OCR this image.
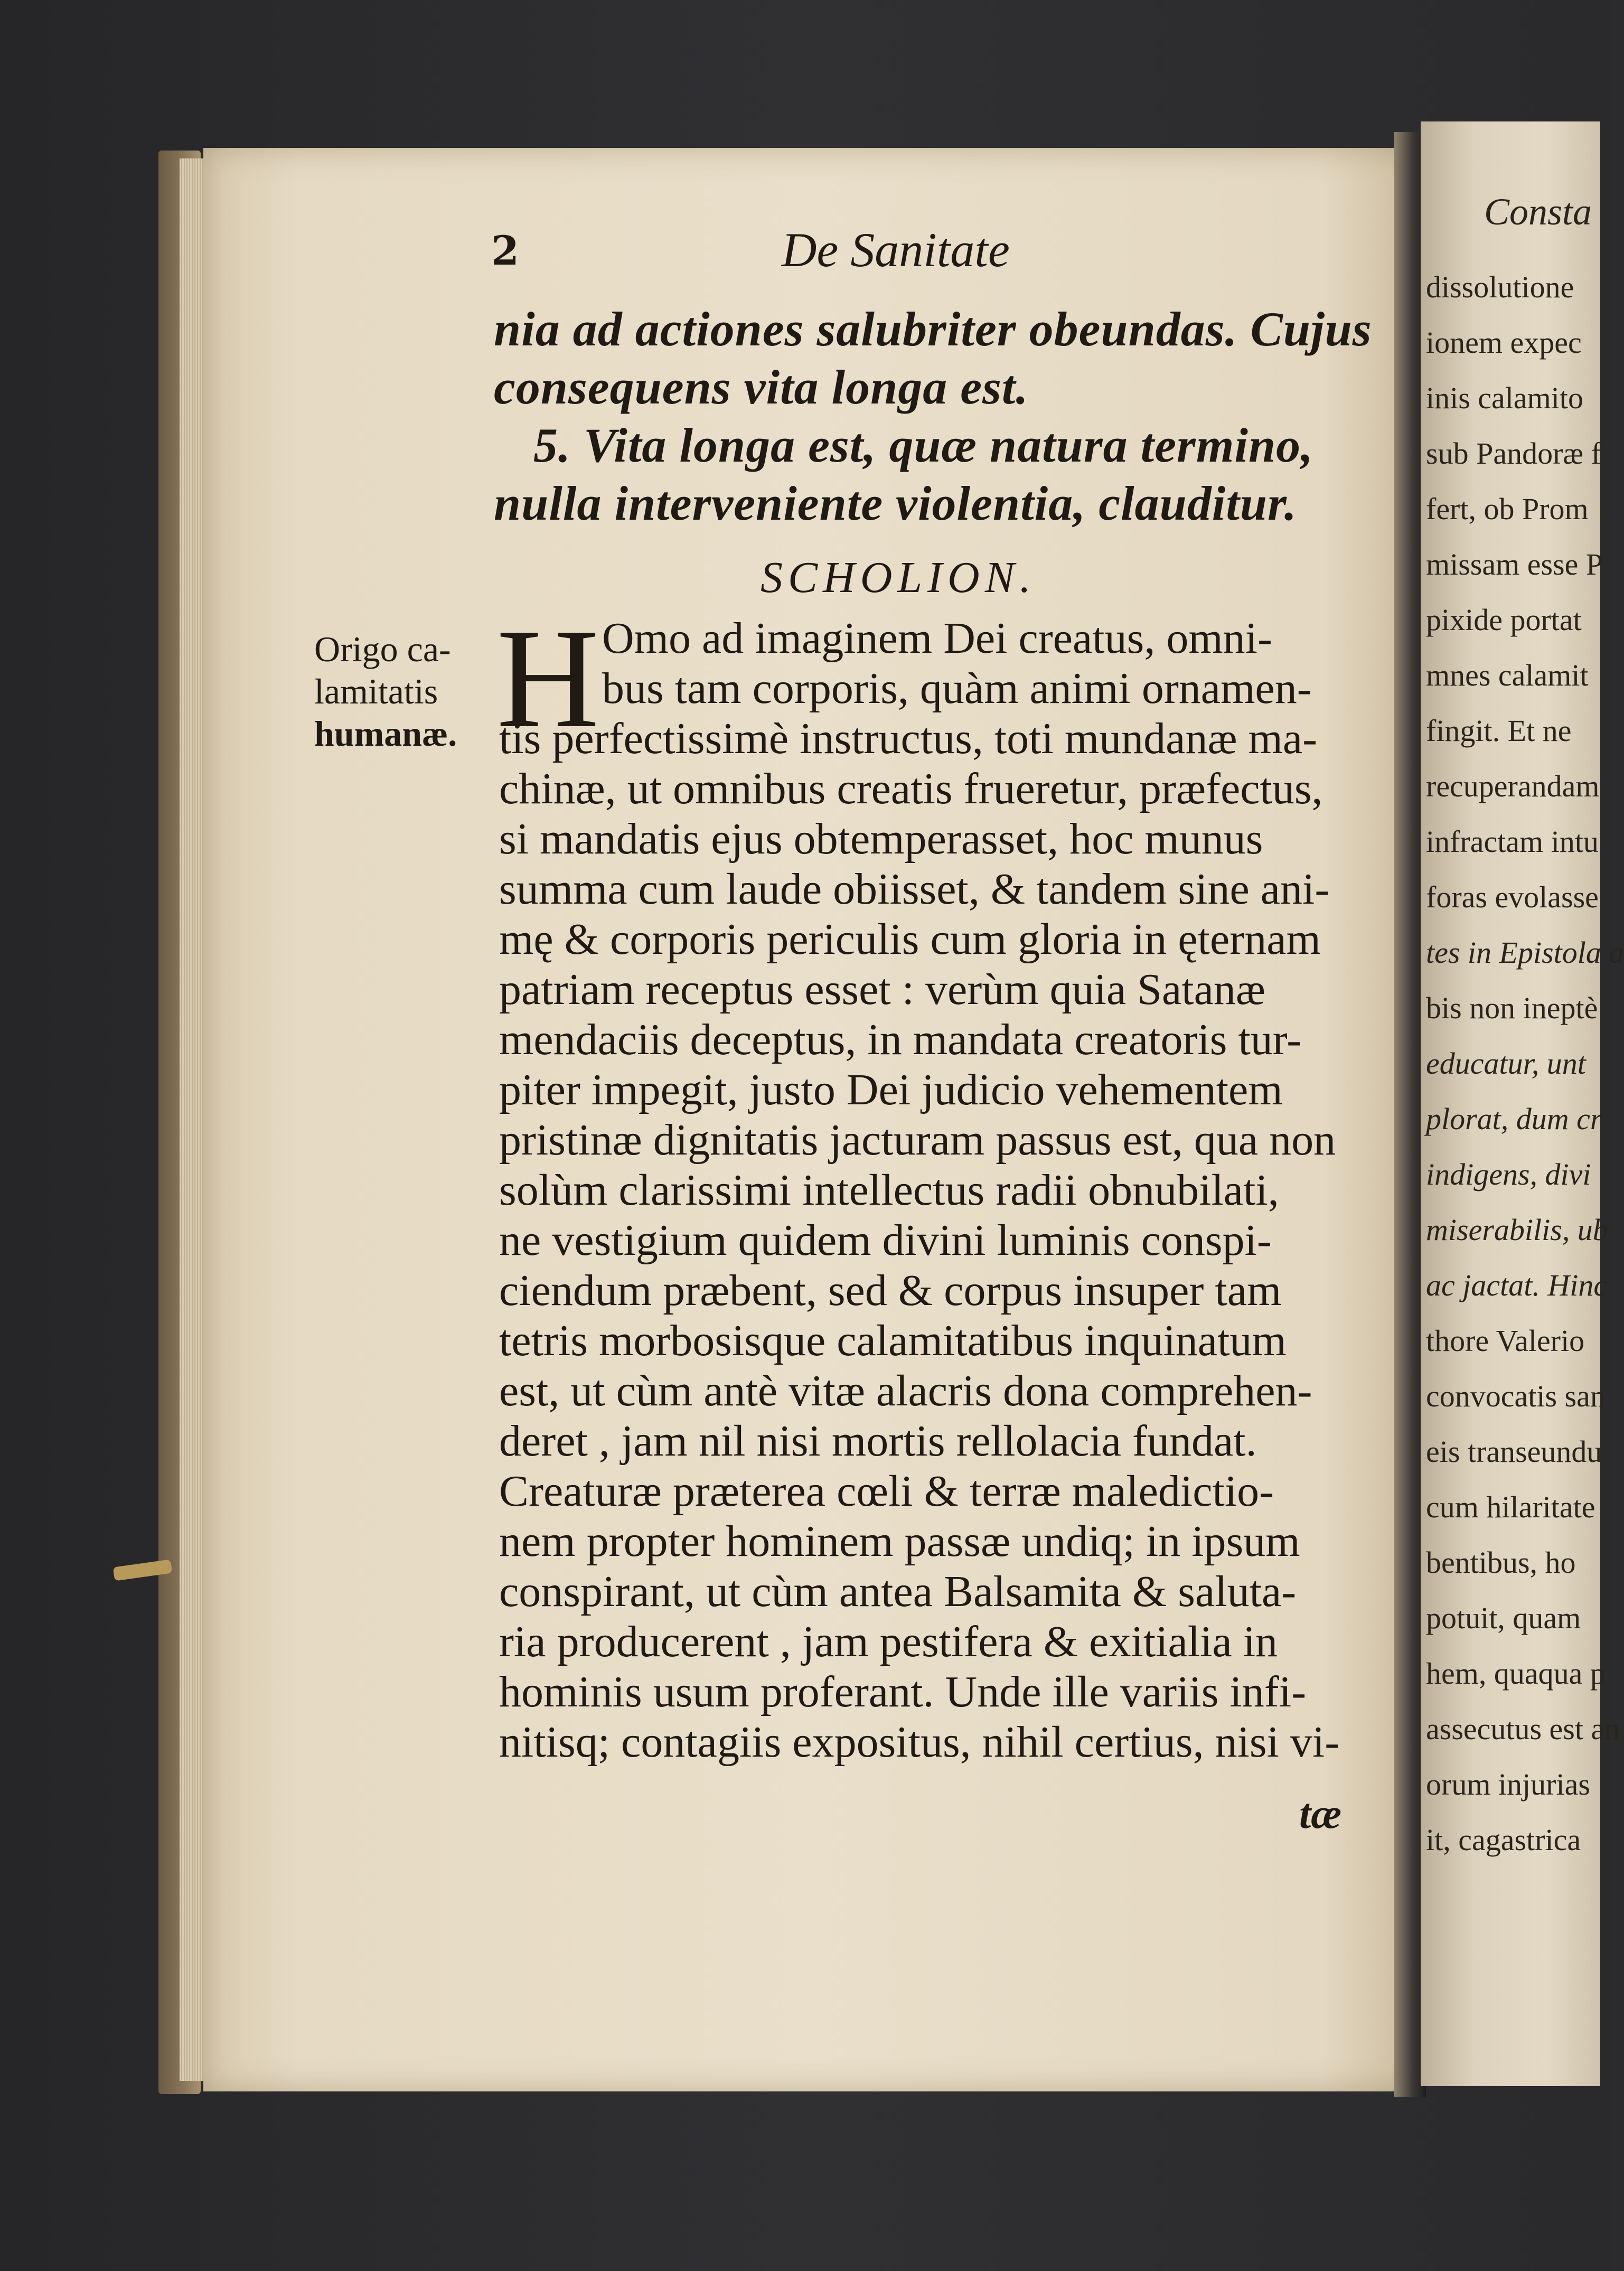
Consta
dissolutione
ionem expec
inis calamito
sub Pandoræ f
fert, ob Prom
missam esse P
pixide portat
mnes calamit
fingit. Et ne
recuperandam
infractam intu
foras evolasse
tes in Epistola a
bis non ineptè
educatur, unt
plorat, dum cr
indigens, divi
miserabilis, ub
ac jactat. Hinc
thore Valerio
convocatis san
eis transeundu
cum hilaritate
bentibus, ho
potuit, quam
hem, quaqua p
assecutus est an
orum injurias
it, cagastrica
2	De Sanitate
nia ad actiones salubriter obeundas. Cujus
consequens vita longa est.
5. Vita longa est, quæ natura termino,
nulla interveniente violentia, clauditur.
SCHOLION.
Origo ca-
lamitatis
humanæ. H Omo ad imaginem Dei creatus, omni-
bus tam corporis, quàm animi ornamen-
tis perfectissimè instructus, toti mundanæ ma-
chinæ, ut omnibus creatis frueretur, præfectus,
si mandatis ejus obtemperasset, hoc munus
summa cum laude obiisset, & tandem sine ani-
mę & corporis periculis cum gloria in ęternam
patriam receptus esset : verùm quia Satanæ
mendaciis deceptus, in mandata creatoris tur-
piter impegit, justo Dei judicio vehementem
pristinæ dignitatis jacturam passus est, qua non
solùm clarissimi intellectus radii obnubilati,
ne vestigium quidem divini luminis conspi-
ciendum præbent, sed & corpus insuper tam
tetris morbosisque calamitatibus inquinatum
est, ut cùm antè vitæ alacris dona comprehen-
deret , jam nil nisi mortis rellolacia fundat.
Creaturæ præterea cœli & terræ maledictio-
nem propter hominem passæ undiq; in ipsum
conspirant, ut cùm antea Balsamita & saluta-
ria producerent , jam pestifera & exitialia in
hominis usum proferant. Unde ille variis infi-
nitisq; contagiis expositus, nihil certius, nisi vi-
tæ
